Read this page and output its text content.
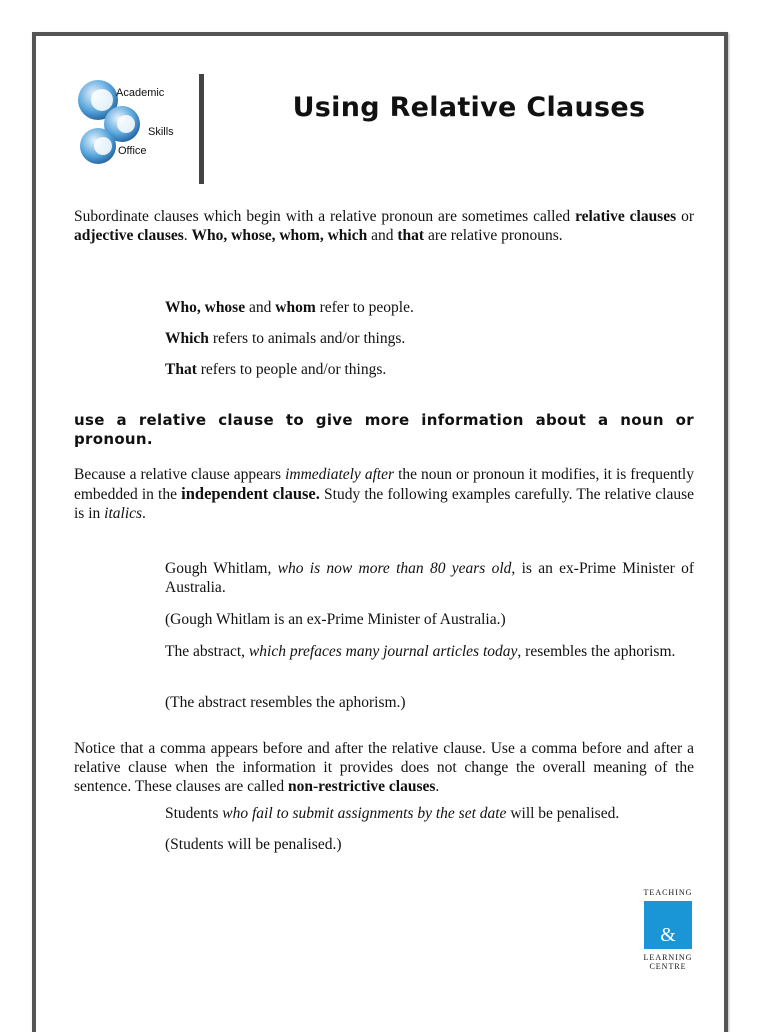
Academic
Skills
Office
Using Relative Clauses
Subordinate clauses which begin with a relative pronoun are sometimes called relative clauses or adjective clauses. Who, whose, whom, which and that are relative pronouns.
Who, whose and whom refer to people.
Which refers to animals and/or things.
That refers to people and/or things.
use a relative clause to give more information about a noun or pronoun.
Because a relative clause appears immediately after the noun or pronoun it modifies, it is frequently embedded in the independent clause. Study the following examples carefully. The relative clause is in italics.
Gough Whitlam, who is now more than 80 years old, is an ex-Prime Minister of Australia.
(Gough Whitlam is an ex-Prime Minister of Australia.)
The abstract, which prefaces many journal articles today, resembles the aphorism.
(The abstract resembles the aphorism.)
Notice that a comma appears before and after the relative clause. Use a comma before and after a relative clause when the information it provides does not change the overall meaning of the sentence. These clauses are called non-restrictive clauses.
Students who fail to submit assignments by the set date will be penalised.
(Students will be penalised.)
TEACHING
&
LEARNING
CENTRE
